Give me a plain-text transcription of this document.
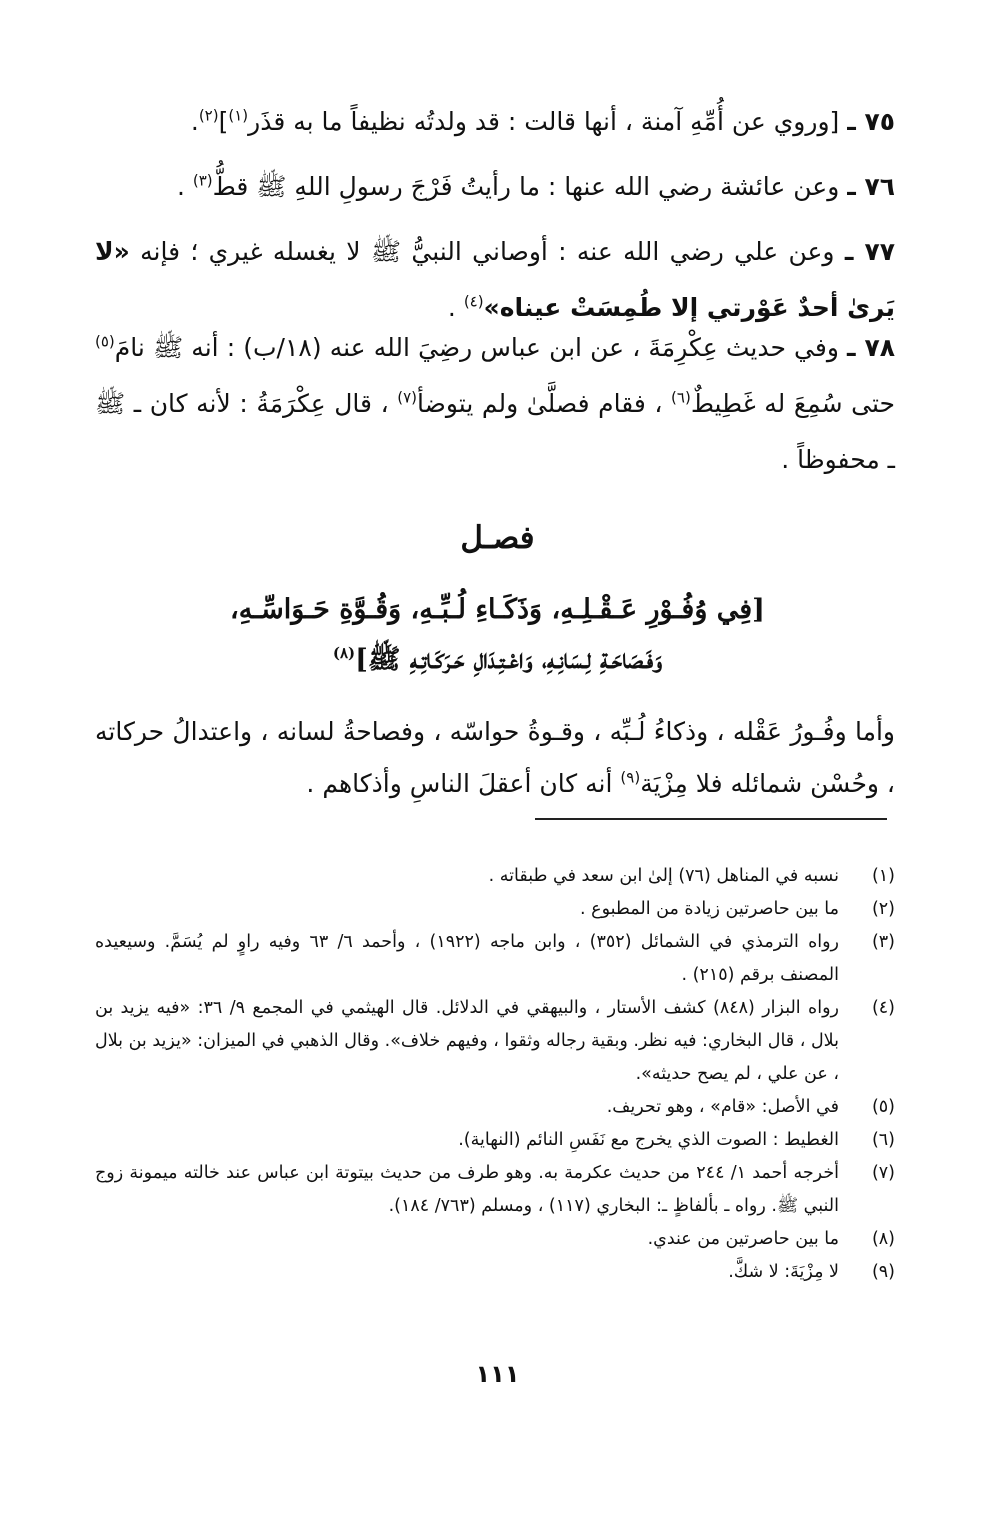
٧٥ ـ [وروي عن أُمِّهِ آمنة ، أنها قالت : قد ولدتُه نظيفاً ما به قذَر$^{(١)}$]$^{(٢)}$.
٧٦ ـ وعن عائشة رضي الله عنها : ما رأيتُ فَرْجَ رسولِ اللهِ ﷺ قطُّ$^{(٣)}$ .
٧٧ ـ وعن علي رضي الله عنه : أوصاني النبيُّ ﷺ لا يغسله غيري ؛ فإنه «لا يَرىٰ أحدٌ عَوْرتي إلا طُمِسَتْ عيناه»$^{(٤)}$ .
٧٨ ـ وفي حديث عِكْرِمَةَ ، عن ابن عباس رضِيَ الله عنه (١٨/ب) : أنه ﷺ نامَ$^{(٥)}$ حتى سُمِعَ له غَطِيطٌ$^{(٦)}$ ، فقام فصلَّىٰ ولم يتوضأ$^{(٧)}$ ، قال عِكْرَمَةُ : لأنه كان ـ ﷺ ـ محفوظاً .
فصـل
[فِي وُفُـوْرِ عَـقْـلِـهِ، وَذَكَـاءِ لُـبِّـهِ، وَقُـوَّةِ حَـوَاسِّـهِ،
وَفَـصَاحَـةِ لِـسَانِـهِ، وَاعْـتِـدَالِ حَـرَكَـاتِـهِ ﷺ]$^{(٨)}$
وأما وفُـورُ عَقْله ، وذكاءُ لُـبِّه ، وقـوةُ حواسّه ، وفصاحةُ لسانه ، واعتدالُ حركاته ، وحُسْن شمائله فلا مِزْيَة$^{(٩)}$ أنه كان أعقلَ الناسِ وأذكاهم .
(١)
نسبه في المناهل (٧٦) إلىٰ ابن سعد في طبقاته .
(٢)
ما بين حاصرتين زيادة من المطبوع .
(٣)
رواه الترمذي في الشمائل (٣٥٢) ، وابن ماجه (١٩٢٢) ، وأحمد ٦/ ٦٣ وفيه راوٍ لم يُسَمَّ. وسيعيده المصنف برقم (٢١٥) .
(٤)
رواه البزار (٨٤٨) كشف الأستار ، والبيهقي في الدلائل. قال الهيثمي في المجمع ٩/ ٣٦: «فيه يزيد بن بلال ، قال البخاري: فيه نظر. وبقية رجاله وثقوا ، وفيهم خلاف». وقال الذهبي في الميزان: «يزيد بن بلال ، عن علي ، لم يصح حديثه».
(٥)
في الأصل: «قام» ، وهو تحريف.
(٦)
الغطيط : الصوت الذي يخرج مع نَفَسِ النائم (النهاية).
(٧)
أخرجه أحمد ١/ ٢٤٤ من حديث عكرمة به. وهو طرف من حديث بيتوتة ابن عباس عند خالته ميمونة زوج النبي ﷺ. رواه ـ بألفاظٍ ـ: البخاري (١١٧) ، ومسلم (٧٦٣/ ١٨٤).
(٨)
ما بين حاصرتين من عندي.
(٩)
لا مِزْيَةَ: لا شكَّ.
١١١
